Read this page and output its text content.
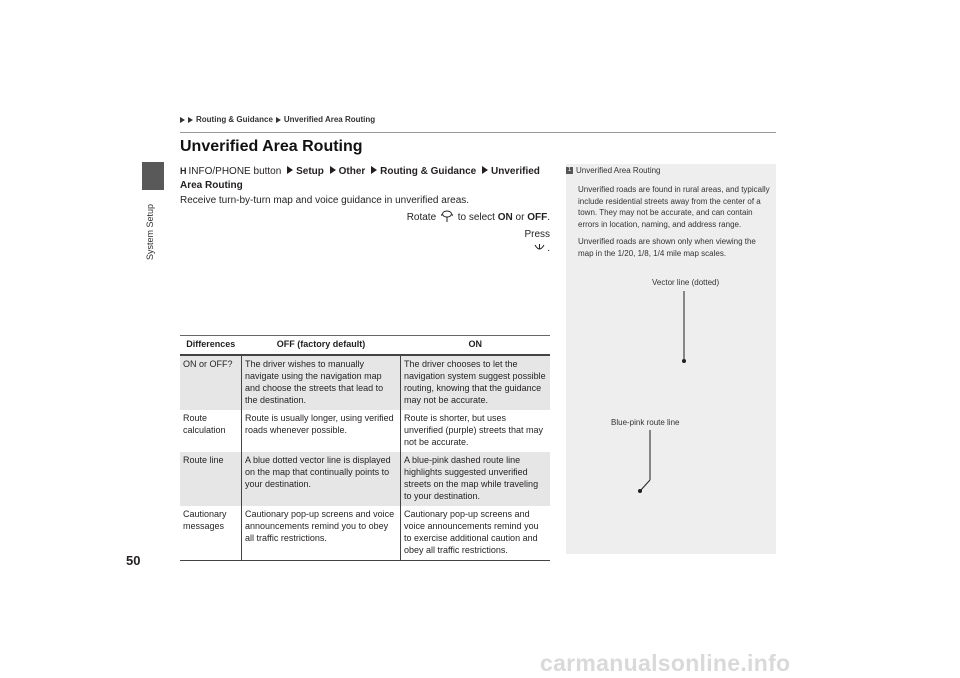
System Setup
Routing & Guidance Unverified Area Routing
Unverified Area Routing
H INFO/PHONE button Setup Other Routing & Guidance Unverified Area Routing
Receive turn-by-turn map and voice guidance in unverified areas.
Rotate to select ON or OFF. Press
.
Differences	OFF (factory default)	ON
ON or OFF?	The driver wishes to manually navigate using the navigation map and choose the streets that lead to the destination.	The driver chooses to let the navigation system suggest possible routing, knowing that the guidance may not be accurate.
Route calculation	Route is usually longer, using verified roads whenever possible.	Route is shorter, but uses unverified (purple) streets that may not be accurate.
Route line	A blue dotted vector line is displayed on the map that continually points to your destination.	A blue-pink dashed route line highlights suggested unverified streets on the map while traveling to your destination.
Cautionary messages	Cautionary pop-up screens and voice announcements remind you to obey all traffic restrictions.	Cautionary pop-up screens and voice announcements remind you to exercise additional caution and obey all traffic restrictions.
1 Unverified Area Routing

Unverified roads are found in rural areas, and typically include residential streets away from the center of a town. They may not be accurate, and can contain errors in location, naming, and address range.

Unverified roads are shown only when viewing the map in the 1/20, 1/8, 1/4 mile map scales.

Vector line (dotted)
Blue-pink route line
50
carmanualsonline.info
